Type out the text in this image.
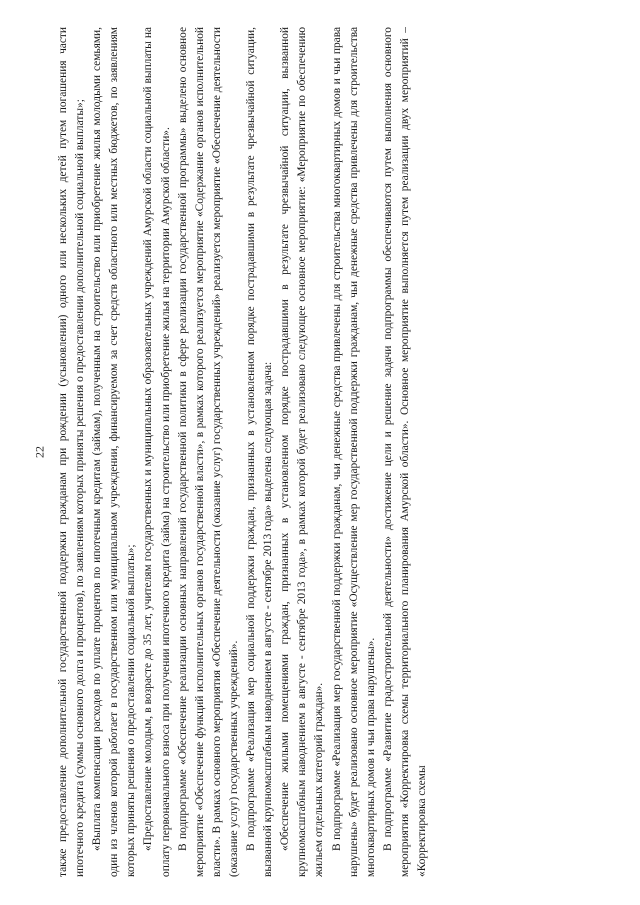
22 также предоставление дополнительной государственной поддержки гражданам при рождении (усыновлении) одного или нескольких детей путем погашения части ипотечного кредита (суммы основного долга и процентов), по заявлениям которых приняты решения о предоставлении дополнительной социальной выплаты»; «Выплата компенсации расходов по уплате процентов по ипотечным кредитам (займам), полученным на строительство или приобретение жилья молодыми семьями, один из членов которой работает в государственном или муниципальном учреждении, финансируемом за счет средств областного или местных бюджетов, по заявлениям которых приняты решения о предоставлении социальной выплаты»; «Предоставление молодым, в возрасте до 35 лет, учителям государственных и муниципальных образовательных учреждений Амурской области социальной выплаты на оплату первоначального взноса при получении ипотечного кредита (займа) на строительство или приобретение жилья на территории Амурской области». В подпрограмме «Обеспечение реализации основных направлений государственной политики в сфере реализации государственной программы» выделено основное мероприятие «Обеспечение функций исполнительных органов государственной власти», в рамках которого реализуется мероприятие «Содержание органов исполнительной власти». В рамках основного мероприятия «Обеспечение деятельности (оказание услуг) государственных учреждений» реализуется мероприятие «Обеспечение деятельности (оказание услуг) государственных учреждений». В подпрограмме «Реализация мер социальной поддержки граждан, признанных в установленном порядке пострадавшими в результате чрезвычайной ситуации, вызванной крупномасштабным наводнением в августе - сентябре 2013 года» выделена следующая задача: «Обеспечение жилыми помещениями граждан, признанных в установленном порядке пострадавшими в результате чрезвычайной ситуации, вызванной крупномасштабным наводнением в августе - сентябре 2013 года», в рамках которой будет реализовано следующее основное мероприятие: «Мероприятие по обеспечению жильем отдельных категорий граждан». В подпрограмме «Реализация мер государственной поддержки гражданам, чьи денежные средства привлечены для строительства многоквартирных домов и чьи права нарушены» будет реализовано основное мероприятие «Осуществление мер государственной поддержки гражданам, чьи денежные средства привлечены для строительства многоквартирных домов и чьи права нарушены». В подпрограмме «Развитие градостроительной деятельности» достижение цели и решение задачи подпрограммы обеспечиваются путем выполнения основного мероприятия «Корректировка схемы территориального планирования Амурской области». Основное мероприятие выполняется путем реализации двух мероприятий – «Корректировка схемы
